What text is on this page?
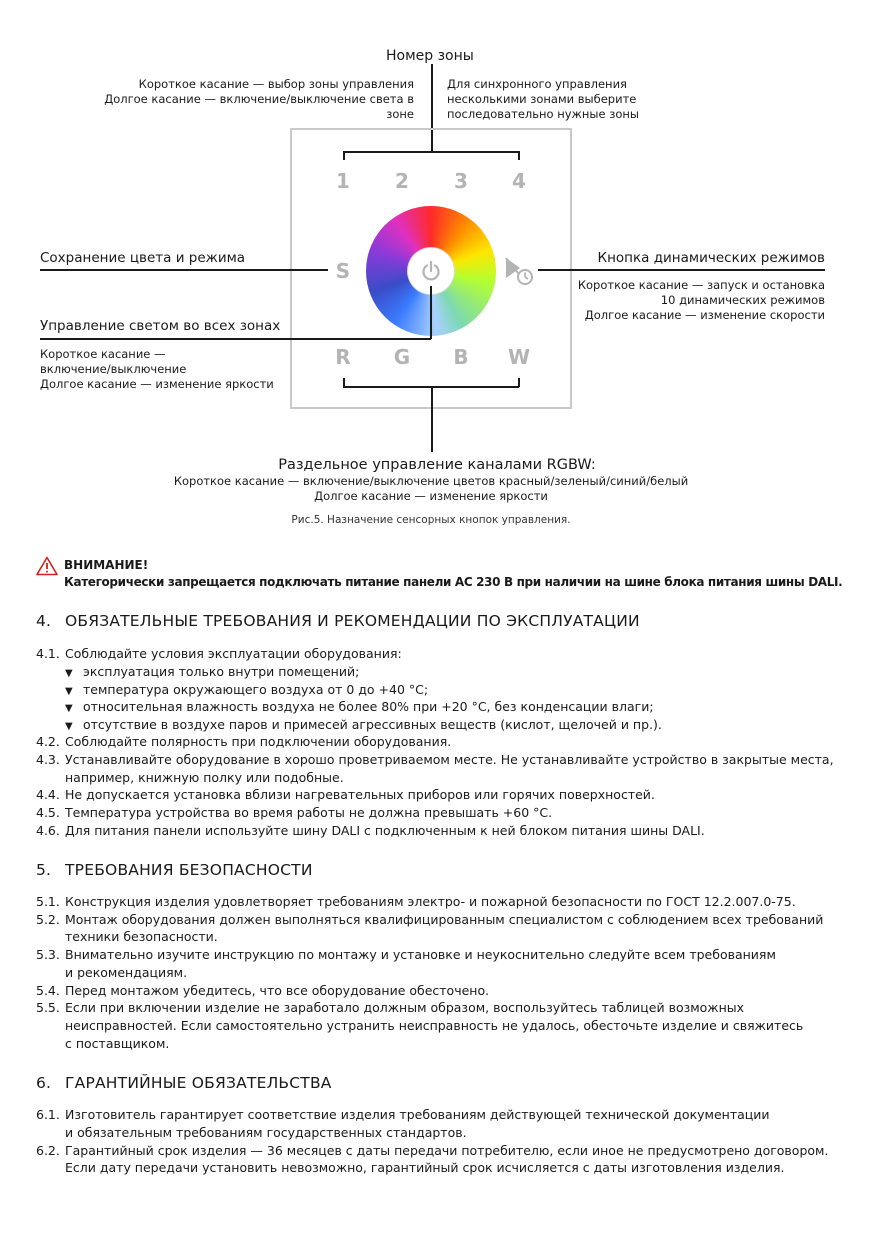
Номер зоны
Короткое касание — выбор зоны управления
Долгое касание — включение/выключение света в зоне
Для синхронного управления
несколькими зонами выберите
последовательно нужные зоны
1	2	3	4
S
R G B W
Сохранение цвета и режима
Управление светом во всех зонах
Короткое касание —
включение/выключение
Долгое касание — изменение яркости
Кнопка динамических режимов
Короткое касание — запуск и остановка
10 динамических режимов
Долгое касание — изменение скорости
Раздельное управление каналами RGBW:
Короткое касание — включение/выключение цветов красный/зеленый/синий/белый
Долгое касание — изменение яркости
Рис.5. Назначение сенсорных кнопок управления.
ВНИМАНИЕ!
Категорически запрещается подключать питание панели AC 230 В при наличии на шине блока питания шины DALI.
4. ОБЯЗАТЕЛЬНЫЕ ТРЕБОВАНИЯ И РЕКОМЕНДАЦИИ ПО ЭКСПЛУАТАЦИИ
4.1. Соблюдайте условия эксплуатации оборудования:
▼ эксплуатация только внутри помещений;
▼ температура окружающего воздуха от 0 до +40 °С;
▼ относительная влажность воздуха не более 80% при +20 °С, без конденсации влаги;
▼ отсутствие в воздухе паров и примесей агрессивных веществ (кислот, щелочей и пр.).
4.2. Соблюдайте полярность при подключении оборудования.
4.3. Устанавливайте оборудование в хорошо проветриваемом месте. Не устанавливайте устройство в закрытые места,
например, книжную полку или подобные.
4.4. Не допускается установка вблизи нагревательных приборов или горячих поверхностей.
4.5. Температура устройства во время работы не должна превышать +60 °С.
4.6. Для питания панели используйте шину DALI с подключенным к ней блоком питания шины DALI.
5. ТРЕБОВАНИЯ БЕЗОПАСНОСТИ
5.1. Конструкция изделия удовлетворяет требованиям электро- и пожарной безопасности по ГОСТ 12.2.007.0-75.
5.2. Монтаж оборудования должен выполняться квалифицированным специалистом с соблюдением всех требований
техники безопасности.
5.3. Внимательно изучите инструкцию по монтажу и установке и неукоснительно следуйте всем требованиям
и рекомендациям.
5.4. Перед монтажом убедитесь, что все оборудование обесточено.
5.5. Если при включении изделие не заработало должным образом, воспользуйтесь таблицей возможных
неисправностей. Если самостоятельно устранить неисправность не удалось, обесточьте изделие и свяжитесь
с поставщиком.
6. ГАРАНТИЙНЫЕ ОБЯЗАТЕЛЬСТВА
6.1. Изготовитель гарантирует соответствие изделия требованиям действующей технической документации
и обязательным требованиям государственных стандартов.
6.2. Гарантийный срок изделия — 36 месяцев с даты передачи потребителю, если иное не предусмотрено договором.
Если дату передачи установить невозможно, гарантийный срок исчисляется с даты изготовления изделия.
